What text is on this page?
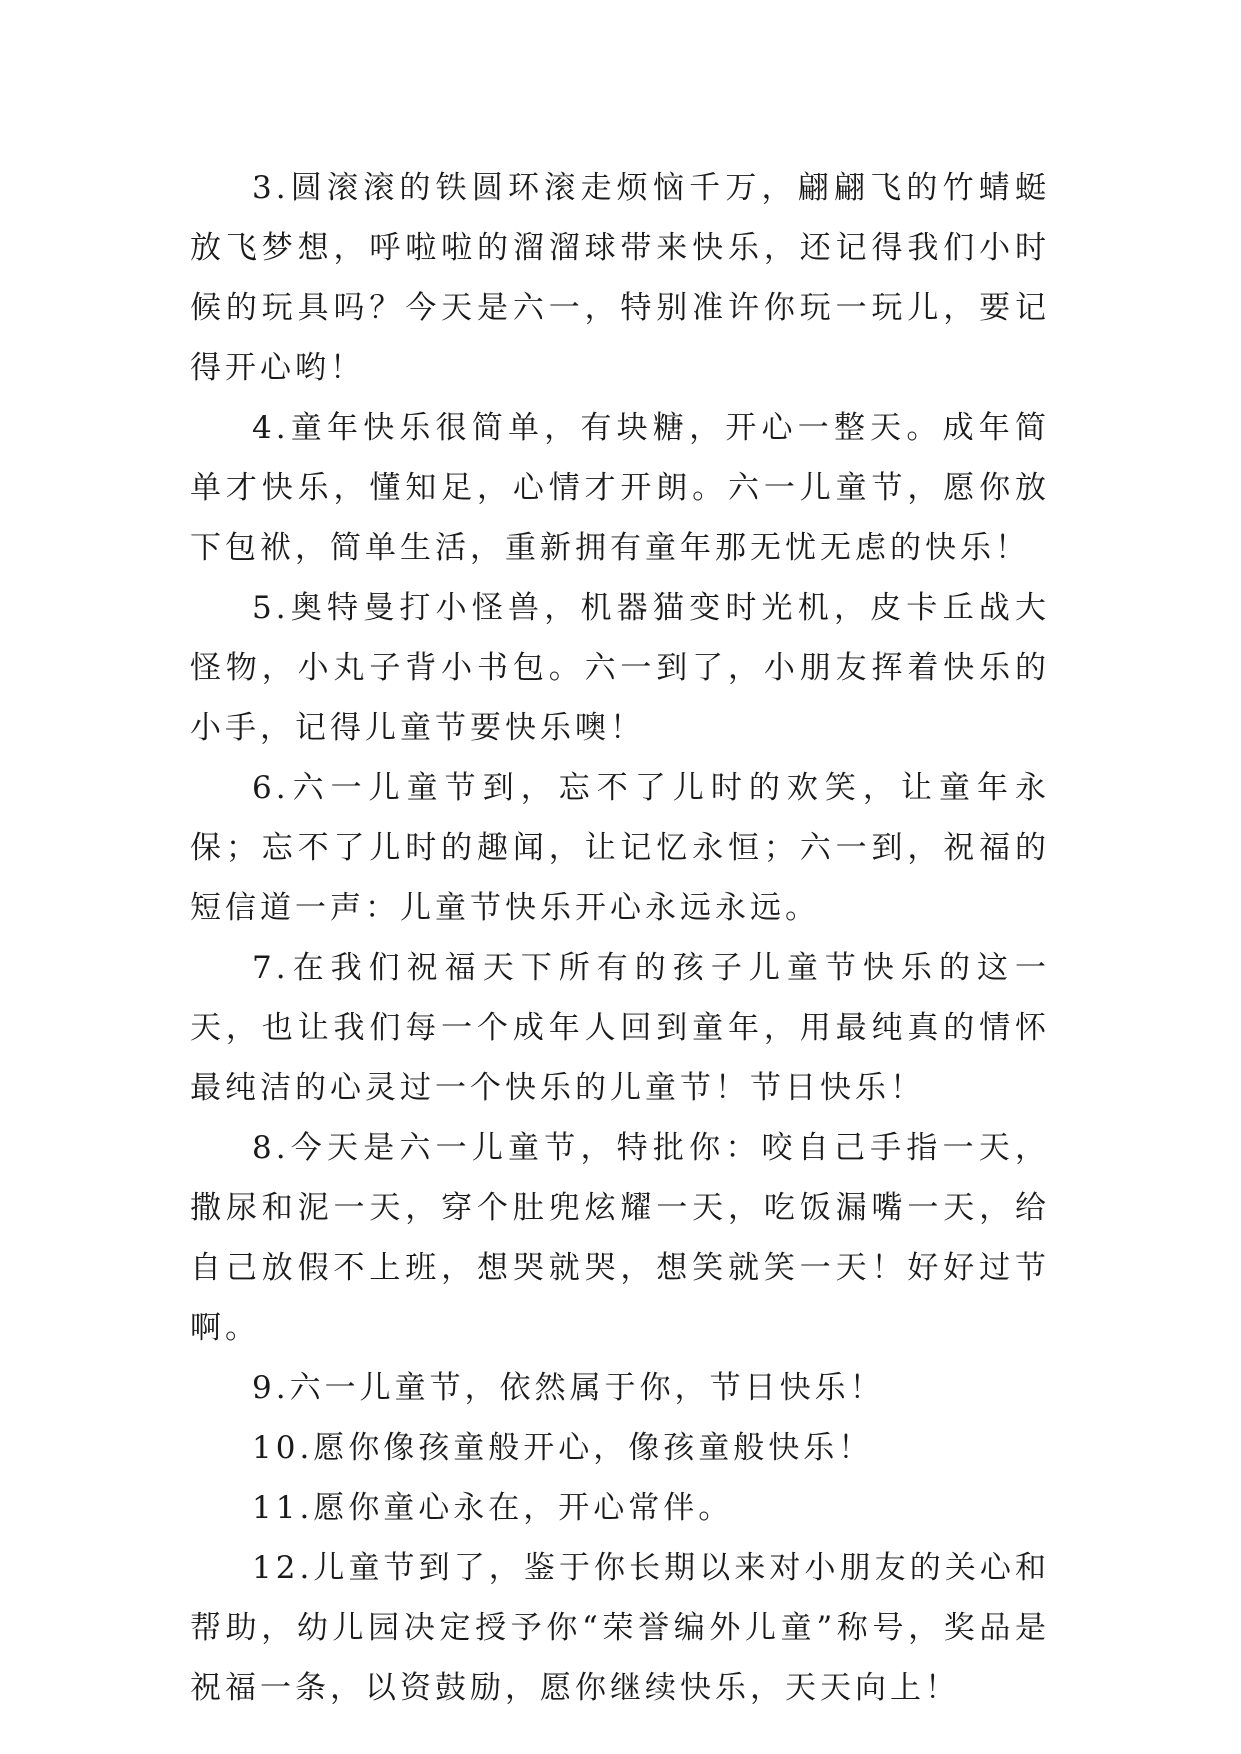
3.圆滚滚的铁圆环滚走烦恼千万，翩翩飞的竹蜻蜓放飞梦想，呼啦啦的溜溜球带来快乐，还记得我们小时候的玩具吗？今天是六一，特别准许你玩一玩儿，要记得开心哟！

4.童年快乐很简单，有块糖，开心一整天。成年简单才快乐，懂知足，心情才开朗。六一儿童节，愿你放下包袱，简单生活，重新拥有童年那无忧无虑的快乐！

5.奥特曼打小怪兽，机器猫变时光机，皮卡丘战大怪物，小丸子背小书包。六一到了，小朋友挥着快乐的小手，记得儿童节要快乐噢！

6.六一儿童节到，忘不了儿时的欢笑，让童年永保；忘不了儿时的趣闻，让记忆永恒；六一到，祝福的短信道一声：儿童节快乐开心永远永远。

7.在我们祝福天下所有的孩子儿童节快乐的这一天，也让我们每一个成年人回到童年，用最纯真的情怀最纯洁的心灵过一个快乐的儿童节！节日快乐！

8.今天是六一儿童节，特批你：咬自己手指一天，撒尿和泥一天，穿个肚兜炫耀一天，吃饭漏嘴一天，给自己放假不上班，想哭就哭，想笑就笑一天！好好过节啊。

9.六一儿童节，依然属于你，节日快乐！

10.愿你像孩童般开心，像孩童般快乐！

11.愿你童心永在，开心常伴。

12.儿童节到了，鉴于你长期以来对小朋友的关心和帮助，幼儿园决定授予你“荣誉编外儿童”称号，奖品是祝福一条，以资鼓励，愿你继续快乐，天天向上！
